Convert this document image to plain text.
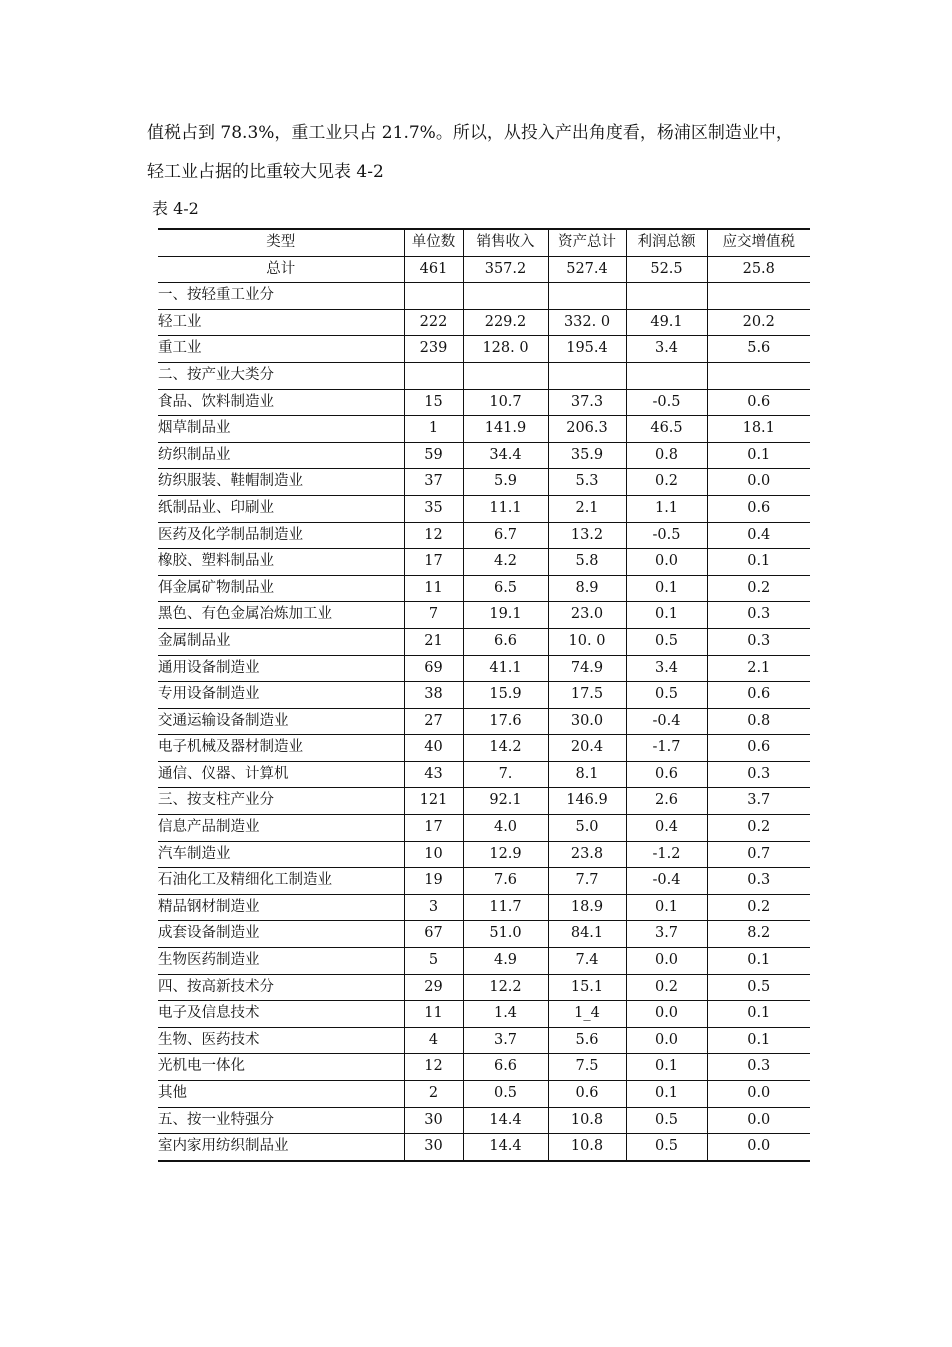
值税占到 78.3%，重工业只占 21.7%。所以，从投入产出角度看，杨浦区制造业中，
轻工业占据的比重较大见表 4-2
表 4-2
类型	单位数	销售收入	资产总计	利润总额	应交增值税
总计	461	357.2	527.4	52.5	25.8
一、按轻重工业分					
轻工业	222	229.2	332. 0	49.1	20.2
重工业	239	128. 0	195.4	3.4	5.6
二、按产业大类分					
食品、饮料制造业	15	10.7	37.3	-0.5	0.6
烟草制品业	1	141.9	206.3	46.5	18.1
纺织制品业	59	34.4	35.9	0.8	0.1
纺织服装、鞋帽制造业	37	5.9	5.3	0.2	0.0
纸制品业、印刷业	35	11.1	2.1	1.1	0.6
医药及化学制品制造业	12	6.7	13.2	-0.5	0.4
橡胶、塑料制品业	17	4.2	5.8	0.0	0.1
佴金属矿物制品业	11	6.5	8.9	0.1	0.2
黑色、有色金属冶炼加工业	7	19.1	23.0	0.1	0.3
金属制品业	21	6.6	10. 0	0.5	0.3
通用设备制造业	69	41.1	74.9	3.4	2.1
专用设备制造业	38	15.9	17.5	0.5	0.6
交通运输设备制造业	27	17.6	30.0	-0.4	0.8
电子机械及器材制造业	40	14.2	20.4	-1.7	0.6
通信、仪器、计算机	43	7.	8.1	0.6	0.3
三、按支柱产业分	121	92.1	146.9	2.6	3.7
信息产品制造业	17	4.0	5.0	0.4	0.2
汽车制造业	10	12.9	23.8	-1.2	0.7
石油化工及精细化工制造业	19	7.6	7.7	-0.4	0.3
精品钢材制造业	3	11.7	18.9	0.1	0.2
成套设备制造业	67	51.0	84.1	3.7	8.2
生物医药制造业	5	4.9	7.4	0.0	0.1
四、按高新技术分	29	12.2	15.1	0.2	0.5
电子及信息技术	11	1.4	1_4	0.0	0.1
生物、医药技术	4	3.7	5.6	0.0	0.1
光机电一体化	12	6.6	7.5	0.1	0.3
其他	2	0.5	0.6	0.1	0.0
五、按一业特强分	30	14.4	10.8	0.5	0.0
室内家用纺织制品业	30	14.4	10.8	0.5	0.0
